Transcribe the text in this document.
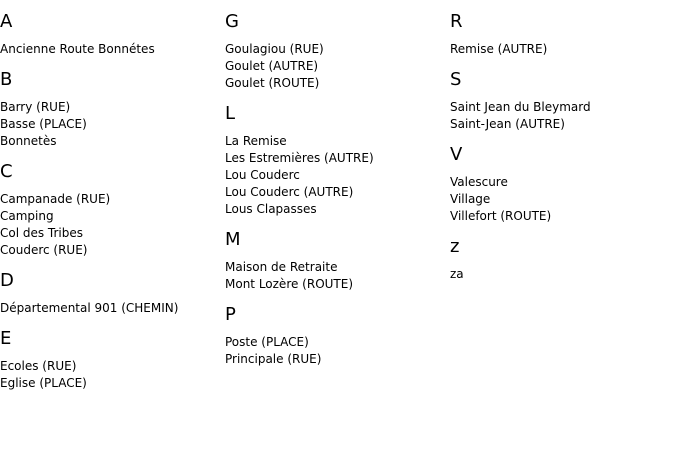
A
Ancienne Route Bonnétes
B
Barry (RUE)
Basse (PLACE)
Bonnetès
C
Campanade (RUE)
Camping
Col des Tribes
Couderc (RUE)
D
Départemental 901 (CHEMIN)
E
Ecoles (RUE)
Eglise (PLACE)
G
Goulagiou (RUE)
Goulet (AUTRE)
Goulet (ROUTE)
L
La Remise
Les Estremières (AUTRE)
Lou Couderc
Lou Couderc (AUTRE)
Lous Clapasses
M
Maison de Retraite
Mont Lozère (ROUTE)
P
Poste (PLACE)
Principale (RUE)
R
Remise (AUTRE)
S
Saint Jean du Bleymard
Saint-Jean (AUTRE)
V
Valescure
Village
Villefort (ROUTE)
z
za
